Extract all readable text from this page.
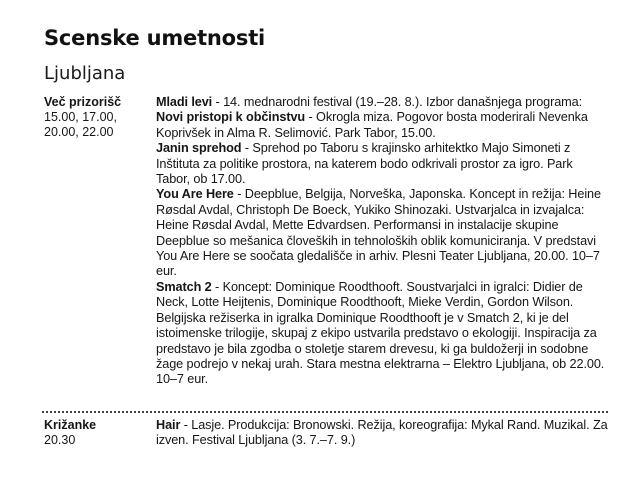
Scenske umetnosti
Ljubljana
Več prizorišč
15.00, 17.00,
20.00, 22.00

Mladi levi - 14. mednarodni festival (19.–28. 8.). Izbor današnjega programa:

Novi pristopi k občinstvu - Okrogla miza. Pogovor bosta moderirali Nevenka Koprivšek in Alma R. Selimović. Park Tabor, 15.00.

Janin sprehod - Sprehod po Taboru s krajinsko arhitektko Majo Simoneti z Inštituta za politike prostora, na katerem bodo odkrivali prostor za igro. Park Tabor, ob 17.00.

You Are Here - Deepblue, Belgija, Norveška, Japonska. Koncept in režija: Heine Røsdal Avdal, Christoph De Boeck, Yukiko Shinozaki. Ustvarjalca in izvajalca: Heine Røsdal Avdal, Mette Edvardsen. Performansi in instalacije skupine Deepblue so mešanica človeških in tehnoloških oblik komuniciranja. V predstavi You Are Here se soočata gledališče in arhiv. Plesni Teater Ljubljana, 20.00. 10–7 eur.

Smatch 2 - Koncept: Dominique Roodthooft. Soustvarjalci in igralci: Didier de Neck, Lotte Heijtenis, Dominique Roodthooft, Mieke Verdin, Gordon Wilson. Belgijska režiserka in igralka Dominique Roodthooft je v Smatch 2, ki je del istoimenske trilogije, skupaj z ekipo ustvarila predstavo o ekologiji. Inspiracija za predstavo je bila zgodba o stoletje starem drevesu, ki ga buldožerji in sodobne žage podrejo v nekaj urah. Stara mestna elektrarna – Elektro Ljubljana, ob 22.00. 10–7 eur.

Križanke
20.30

Hair - Lasje. Produkcija: Bronowski. Režija, koreografija: Mykal Rand. Muzikal. Za izven. Festival Ljubljana (3. 7.–7. 9.)
